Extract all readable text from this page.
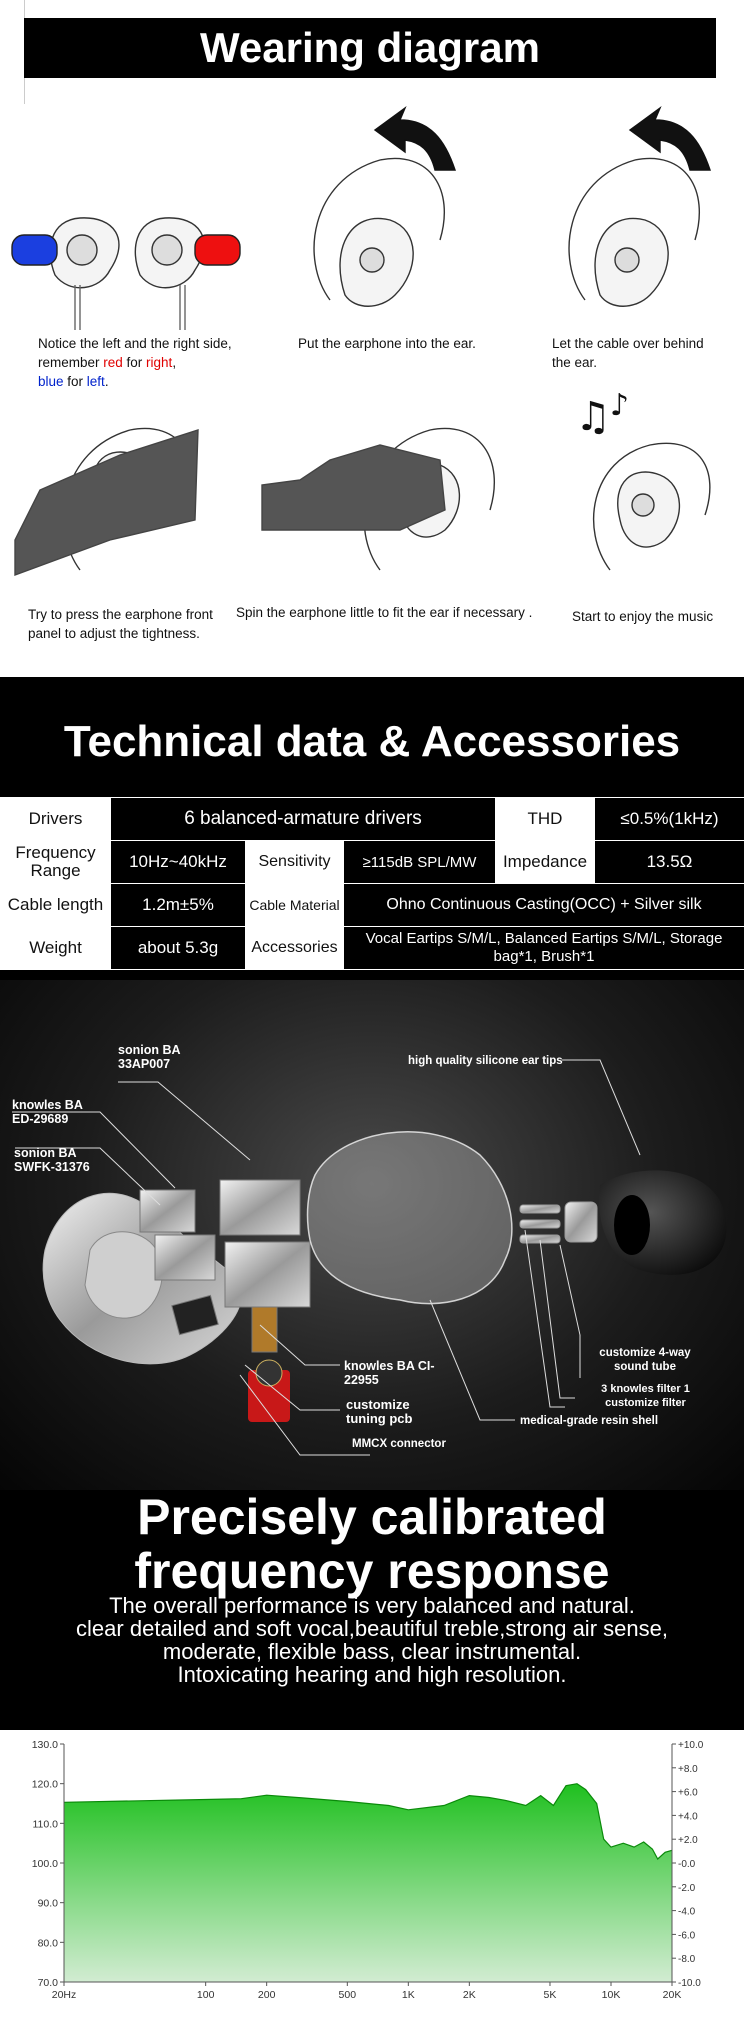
Wearing diagram
Notice the left and the right side,
remember red for right,
blue for left.
Put the earphone into the ear.	Let the cable over behind the ear.
♫ ♪
Try to press the earphone front panel to adjust the tightness.
Spin the earphone little to fit the ear if necessary .	Start to enjoy the music
Technical data & Accessories
Drivers	6 balanced-armature drivers			THD	≤0.5%(1kHz)
Frequency Range	10Hz~40kHz	Sensitivity	≥115dB SPL/MW	Impedance	13.5Ω
Cable length	1.2m±5%	Cable Material	Ohno Continuous Casting(OCC) + Silver silk		
Weight	about 5.3g	Accessories	Vocal Eartips S/M/L, Balanced Eartips S/M/L, Storage bag*1, Brush*1		
sonion BA 33AP007
knowles BA ED-29689
sonion BA SWFK-31376
high quality silicone ear tips
knowles BA CI-22955
customize tuning pcb
MMCX connector
medical-grade resin shell
customize 4-way sound tube
3 knowles filter 1 customize filter
Precisely calibrated
frequency response
The overall performance is very balanced and natural.
clear detailed and soft vocal,beautiful treble,strong air sense,
moderate, flexible bass, clear instrumental.
Intoxicating hearing and high resolution.
130.0
120.0
110.0
100.0
90.0
80.0
70.0
+10.0
+8.0
+6.0
+4.0
+2.0
-0.0
-2.0
-4.0
-6.0
-8.0
-10.0
20Hz	100	200	500	1K	2K	5K	10K	20K
